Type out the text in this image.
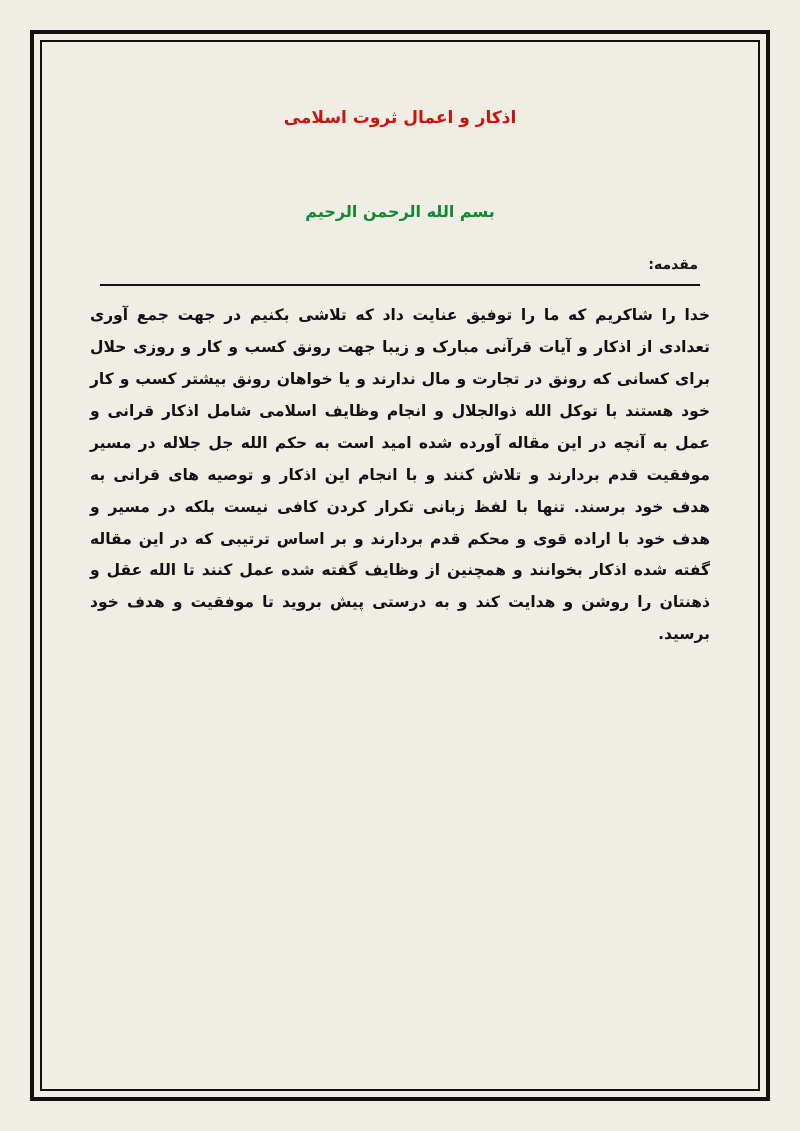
اذکار و اعمال ثروت اسلامی
بسم الله الرحمن الرحیم
مقدمه:

خدا را شاکریم که ما را توفیق عنایت داد که تلاشی بکنیم در جهت جمع آوری تعدادی از اذکار و آیات قرآنی مبارک و زیبا جهت رونق کسب و کار و روزی حلال برای کسانی که رونق در تجارت و مال ندارند و یا خواهان رونق بیشتر کسب و کار خود هستند با توکل الله ذوالجلال و انجام وظایف اسلامی شامل اذکار قرانی و عمل به آنچه در این مقاله آورده شده امید است به حکم الله جل جلاله در مسیر موفقیت قدم بردارند و تلاش کنند و با انجام این اذکار و توصیه های قرانی به هدف خود برسند. تنها با لفظ زبانی تکرار کردن کافی نیست بلکه در مسیر و هدف خود با اراده قوی و محکم قدم بردارند و بر اساس ترتیبی که در این مقاله گفته شده اذکار بخوانند و همچنین از وظایف گفته شده عمل کنند تا الله عقل و ذهنتان را روشن و هدایت کند و به درستی پیش بروید تا موفقیت و هدف خود برسید.
